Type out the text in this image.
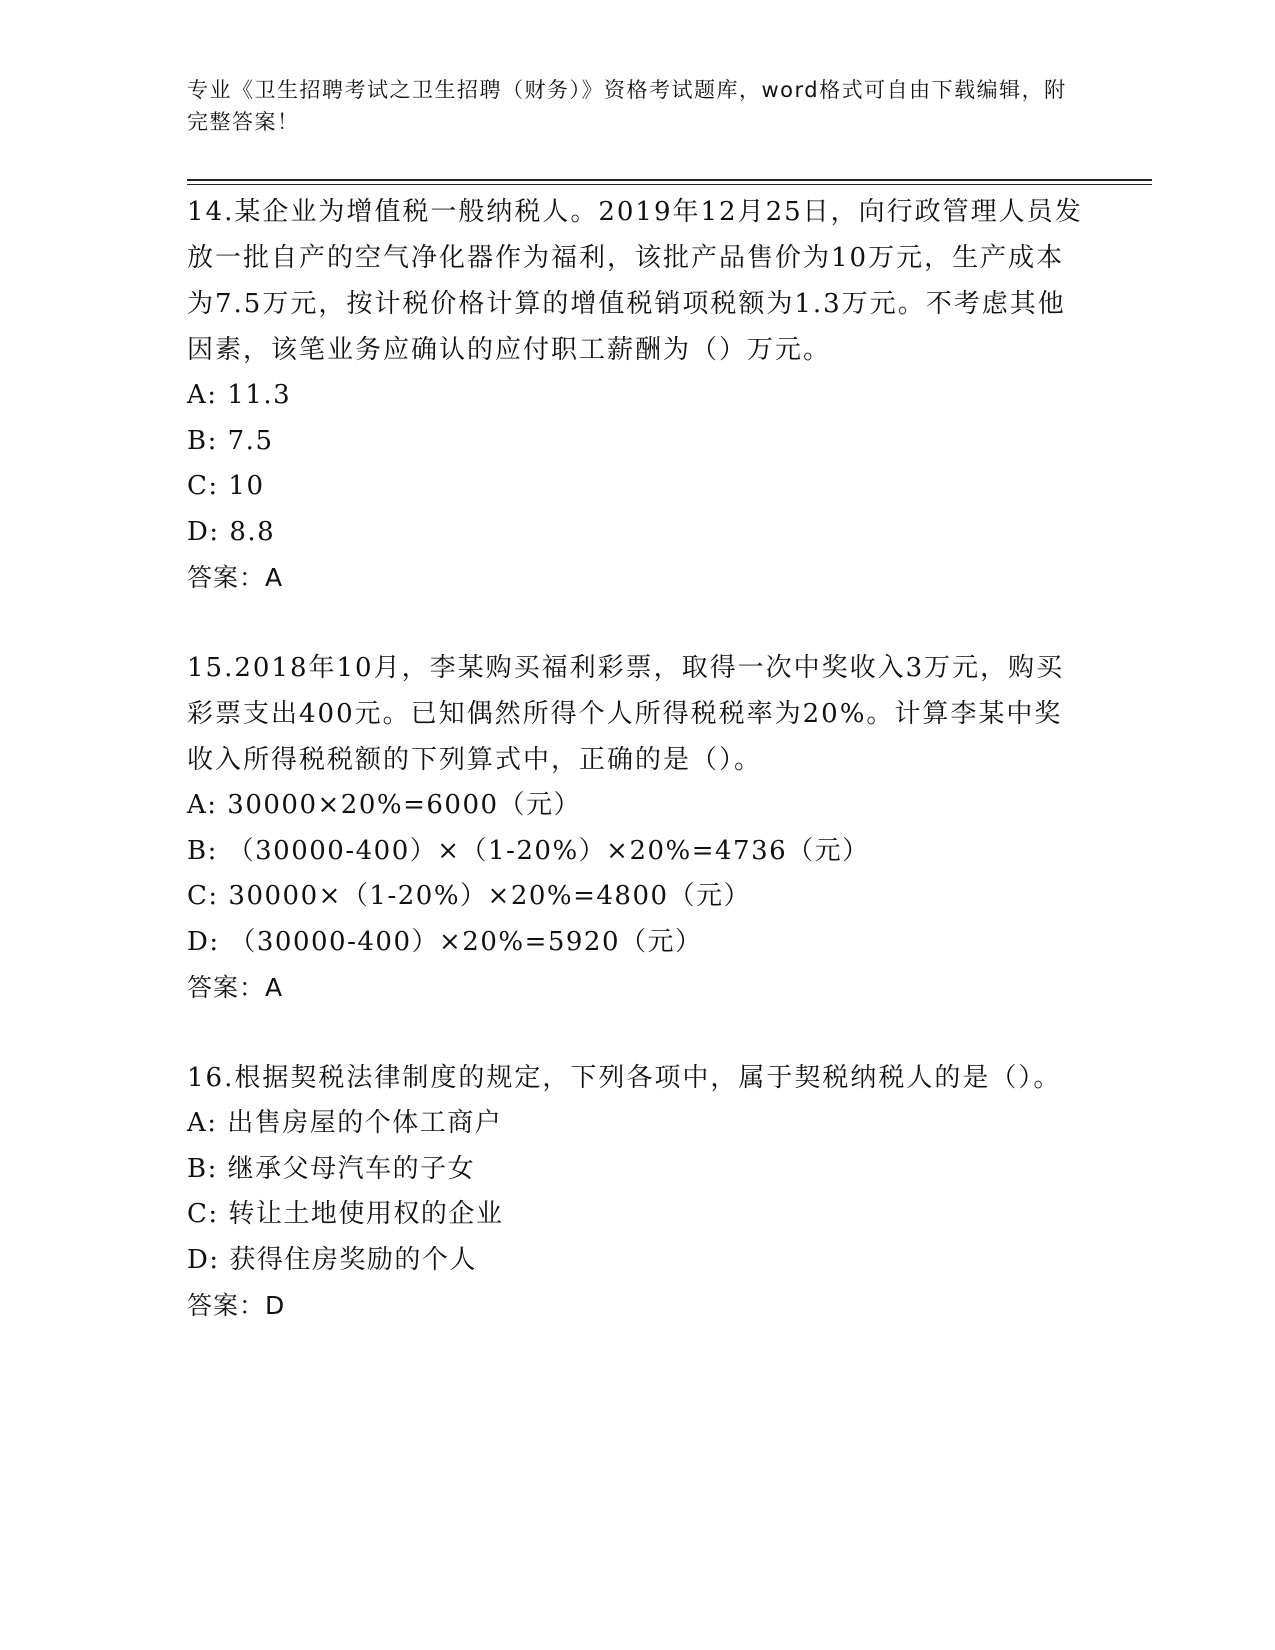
专业《卫生招聘考试之卫生招聘（财务）》资格考试题库，word格式可自由下载编辑，附完整答案！

14.某企业为增值税一般纳税人。2019年12月25日，向行政管理人员发放一批自产的空气净化器作为福利，该批产品售价为10万元，生产成本为7.5万元，按计税价格计算的增值税销项税额为1.3万元。不考虑其他因素，该笔业务应确认的应付职工薪酬为（）万元。

A: 11.3

B: 7.5

C: 10

D: 8.8

答案：A

15.2018年10月，李某购买福利彩票，取得一次中奖收入3万元，购买彩票支出400元。已知偶然所得个人所得税税率为20%。计算李某中奖收入所得税税额的下列算式中，正确的是（）。

A: 30000×20%=6000（元）

B: （30000-400）×（1-20%）×20%=4736（元）

C: 30000×（1-20%）×20%=4800（元）

D: （30000-400）×20%=5920（元）

答案：A

16.根据契税法律制度的规定，下列各项中，属于契税纳税人的是（）。

A: 出售房屋的个体工商户

B: 继承父母汽车的子女

C: 转让土地使用权的企业

D: 获得住房奖励的个人

答案：D
